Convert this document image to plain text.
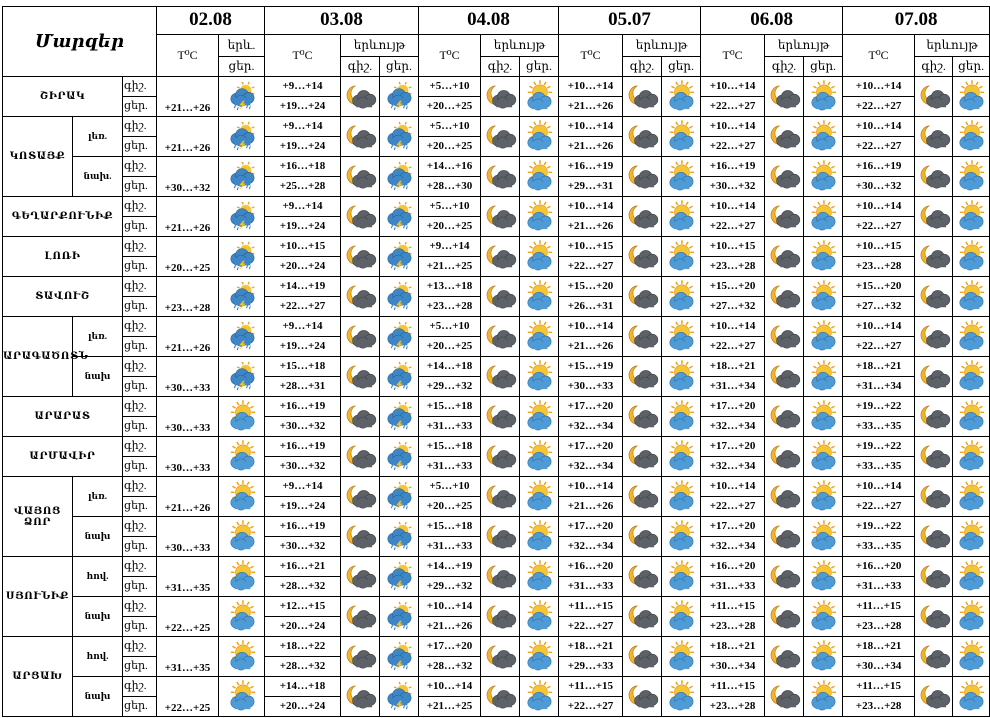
Մարզեր			02.08		03.08			04.08			05.07			06.08			07.08		
			T⁰C	երև.	T⁰C	երևույթ		T⁰C	երևույթ		T⁰C	երևույթ		T⁰C	երևույթ		T⁰C	երևույթ	
				ցեր.		գիշ.	ցեր.		գիշ.	ցեր.		գիշ.	ցեր.		գիշ.	ցեր.		գիշ.	ցեր.
ՇԻՐԱԿ		գիշ.	+21…+26		+9…+14			+5…+10			+10…+14			+10…+14			+10…+14	

		ցեր.			+19…+24			+20…+25			+21…+26			+22…+27			+22…+27		
ԿՈՏԱՅՔ	լեռ.	գիշ.	+21…+26		+9…+14			+5…+10			+10…+14			+10…+14			+10…+14	

		ցեր.			+19…+24			+20…+25			+21…+26			+22…+27			+22…+27		
	նախ.	գիշ.	+30…+32		+16…+18			+14…+16			+16…+19			+16…+19			+16…+19	

		ցեր.			+25…+28			+28…+30			+29…+31			+30…+32			+30…+32		
ԳԵՂԱՐՔՈՒՆԻՔ		գիշ.	+21…+26		+9…+14			+5…+10			+10…+14			+10…+14			+10…+14	

		ցեր.			+19…+24			+20…+25			+21…+26			+22…+27			+22…+27		
ԼՈՌԻ		գիշ.	+20…+25		+10…+15			+9…+14			+10…+15			+10…+15			+10…+15	

		ցեր.			+20…+24			+21…+25			+22…+27			+23…+28			+23…+28		
ՏԱՎՈՒՇ		գիշ.	+23…+28		+14…+19			+13…+18			+15…+20			+15…+20			+15…+20	

		ցեր.			+22…+27			+23…+28			+26…+31			+27…+32			+27…+32		
ԱՐԱԳԱԾՈՏՆ	լեռ.	գիշ.	+21…+26		+9…+14			+5…+10			+10…+14			+10…+14			+10…+14	

		ցեր.			+19…+24			+20…+25			+21…+26			+22…+27			+22…+27		
	նախ	գիշ.	+30…+33		+15…+18			+14…+18			+15…+19			+18…+21			+18…+21	

		ցեր.			+28…+31			+29…+32			+30…+33			+31…+34			+31…+34		
ԱՐԱՐԱՏ		գիշ.	+30…+33		+16…+19			+15…+18			+17…+20			+17…+20			+19…+22	

		ցեր.			+30…+32			+31…+33			+32…+34			+32…+34			+33…+35		
ԱՐՄԱՎԻՐ		գիշ.	+30…+33		+16…+19			+15…+18			+17…+20			+17…+20			+19…+22	

		ցեր.			+30…+32			+31…+33			+32…+34			+32…+34			+33…+35		
ՎԱՅՈՑ ՁՈՐ	լեռ.	գիշ.	+21…+26		+9…+14			+5…+10			+10…+14			+10…+14			+10…+14	

		ցեր.			+19…+24			+20…+25			+21…+26			+22…+27			+22…+27		
	նախ	գիշ.	+30…+33		+16…+19			+15…+18			+17…+20			+17…+20			+19…+22	

		ցեր.			+30…+32			+31…+33			+32…+34			+32…+34			+33…+35		
ՍՅՈՒՆԻՔ	հով.	գիշ.	+31…+35		+16…+21			+14…+19			+16…+20			+16…+20			+16…+20	

		ցեր.			+28…+32			+29…+32			+31…+33			+31…+33			+31…+33		
	նախ	գիշ.	+22…+25		+12…+15			+10…+14			+11…+15			+11…+15			+11…+15	

		ցեր.			+20…+24			+21…+26			+22…+27			+23…+28			+23…+28		
ԱՐՑԱԽ	հով.	գիշ.	+31…+35		+18…+22			+17…+20			+18…+21			+18…+21			+18…+21	

		ցեր.			+28…+32			+28…+32			+29…+33			+30…+34			+30…+34		
	նախ	գիշ.	+22…+25		+14…+18			+10…+14			+11…+15			+11…+15			+11…+15	

		ցեր.			+20…+24			+21…+25			+22…+27			+23…+28			+23…+28		
